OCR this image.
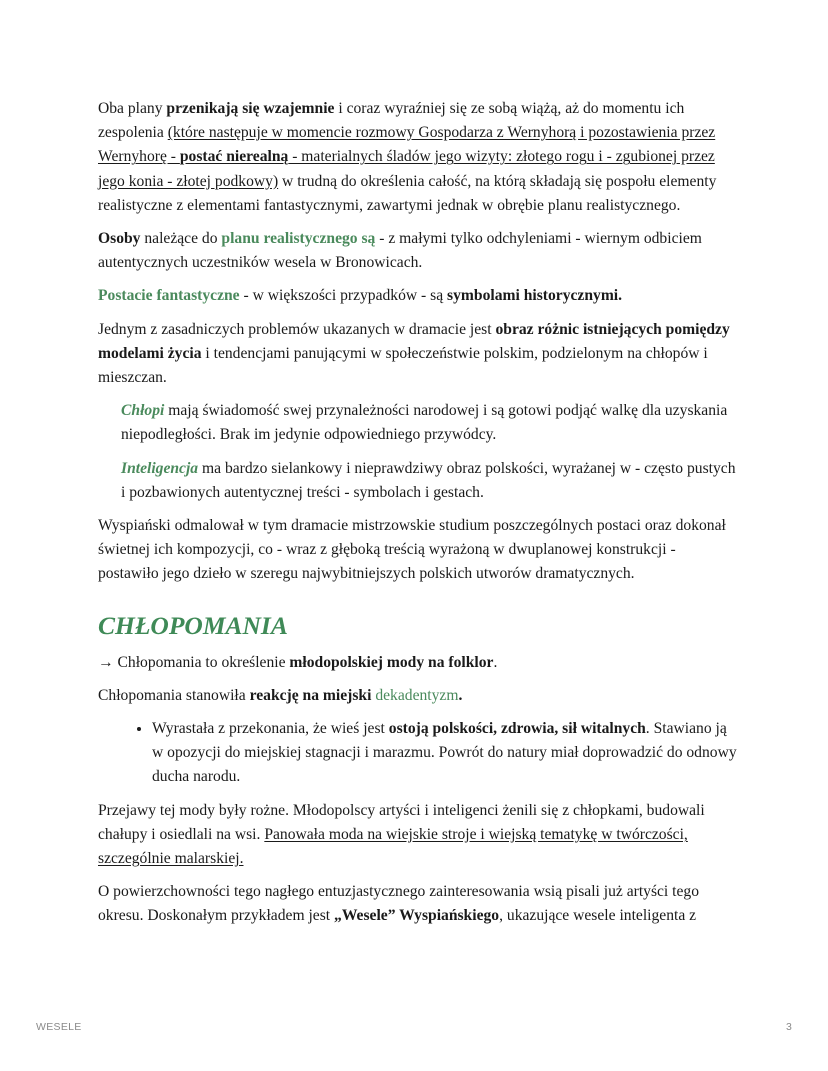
Oba plany przenikają się wzajemnie i coraz wyraźniej się ze sobą wiążą, aż do momentu ich zespolenia (które następuje w momencie rozmowy Gospodarza z Wernyhorą i pozostawienia przez Wernyhorę - postać nierealną - materialnych śladów jego wizyty: złotego rogu i - zgubionej przez jego konia - złotej podkowy) w trudną do określenia całość, na którą składają się pospołu elementy realistyczne z elementami fantastycznymi, zawartymi jednak w obrębie planu realistycznego.

Osoby należące do planu realistycznego są - z małymi tylko odchyleniami - wiernym odbiciem autentycznych uczestników wesela w Bronowicach.

Postacie fantastyczne - w większości przypadków - są symbolami historycznymi.

Jednym z zasadniczych problemów ukazanych w dramacie jest obraz różnic istniejących pomiędzy modelami życia i tendencjami panującymi w społeczeństwie polskim, podzielonym na chłopów i mieszczan.

Chłopi mają świadomość swej przynależności narodowej i są gotowi podjąć walkę dla uzyskania niepodległości. Brak im jedynie odpowiedniego przywódcy.

Inteligencja ma bardzo sielankowy i nieprawdziwy obraz polskości, wyrażanej w - często pustych i pozbawionych autentycznej treści - symbolach i gestach.

Wyspiański odmalował w tym dramacie mistrzowskie studium poszczególnych postaci oraz dokonał świetnej ich kompozycji, co - wraz z głęboką treścią wyrażoną w dwuplanowej konstrukcji - postawiło jego dzieło w szeregu najwybitniejszych polskich utworów dramatycznych.

CHŁOPOMANIA

→ Chłopomania to określenie młodopolskiej mody na folklor.

Chłopomania stanowiła reakcję na miejski dekadentyzm.

• Wyrastała z przekonania, że wieś jest ostoją polskości, zdrowia, sił witalnych. Stawiano ją w opozycji do miejskiej stagnacji i marazmu. Powrót do natury miał doprowadzić do odnowy ducha narodu.

Przejawy tej mody były rożne. Młodopolscy artyści i inteligenci żenili się z chłopkami, budowali chałupy i osiedlali na wsi. Panowała moda na wiejskie stroje i wiejską tematykę w twórczości, szczególnie malarskiej.

O powierzchowności tego nagłego entuzjastycznego zainteresowania wsią pisali już artyści tego okresu. Doskonałym przykładem jest „Wesele” Wyspiańskiego, ukazujące wesele inteligenta z

WESELE	3
